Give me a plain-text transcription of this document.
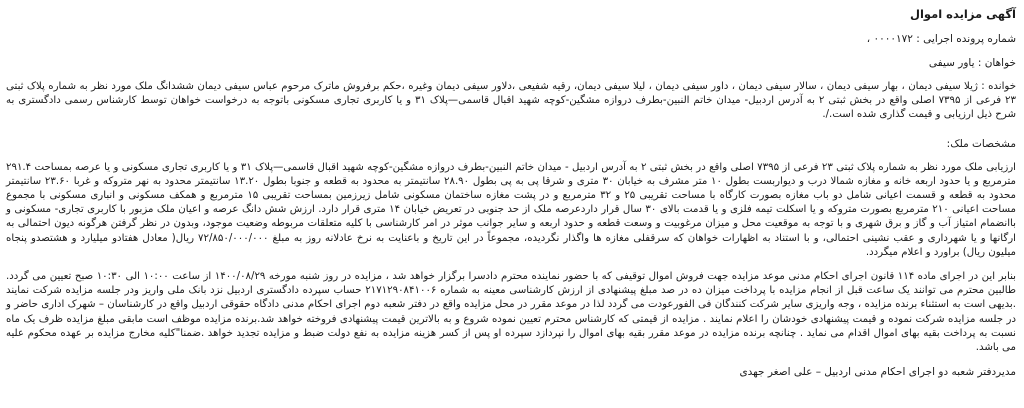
آگهی مزایده اموال
شماره پرونده اجرایی : ۰۰۰۰۱۷۲ ،
خواهان : یاور سیفی
خوانده : ژیلا سیفی دیمان ، بهار سیفی دیمان ، سالار سیفی دیمان ، داور سیفی دیمان ، لیلا سیفی دیمان، رقیه شفیعی ،دلاور سیفی دیمان وغیره ،حکم برفروش ماترک مرحوم عباس سیفی دیمان ششدانگ ملک مورد نظر به شماره پلاک ثبتی ۲۳ فرعی از ۷۳۹۵ اصلی واقع در بخش ثبتی ۲ به آدرس اردبیل- میدان خاتم النبین-بطرف دروازه مشگین-کوچه شهید اقبال قاسمی—پلاک ۳۱ و یا کاربری تجاری مسکونی باتوجه به درخواست خواهان توسط کارشناس رسمی دادگستری به شرح ذیل ارزیابی و قیمت گذاری شده است./.
مشخصات ملک:
ارزیابی ملک مورد نظر به شماره پلاک ثبتی ۲۳ فرعی از ۷۳۹۵ اصلی واقع در بخش ثبتی ۲ به آدرس اردبیل - میدان خاتم النبین-بطرف دروازه مشگین-کوچه شهید اقبال قاسمی—پلاک ۳۱ و یا کاربری تجاری مسکونی و یا عرصه بمساحت ۲۹۱.۴ مترمربع و یا حدود اربعه خانه و مغازه شمالا درب و دیواربست بطول ۱۰ متر مشرف به خیابان ۳۰ متری و شرقا پی به پی بطول ۲۸.۹۰ سانتیمتر به محدود به قطعه و جنوبا بطول ۱۳.۲۰ سانتیمتر محدود به نهر متروکه و غربا ۲۳.۶۰ سانتیمتر محدود به قطعه و قسمت اعیانی شامل دو باب مغازه بصورت کارگاه با مساحت تقریبی ۲۵ و ۳۲ مترمربع و در پشت مغازه ساختمان مسکونی شامل زیرزمین بمساحت تقریبی ۱۵ مترمربع و همکف مسکونی و انباری مسکونی با مجموع مساحت اعیانی ۲۱۰ مترمربع بصورت متروکه و یا اسکلت تیمه فلزی و یا قدمت بالای ۳۰ سال قرار داردعرصه ملک از حد جنوبی در تعریض خیابان ۱۴ متری قرار دارد. ارزش شش دانگ عرصه و اعیان ملک مزبور با کاربری تجاری- مسکونی و باانضمام امتیاز آب و گاز و برق شهری و با توجه به موقعیت محل و میزان مرغوبیت و وسعت قطعه و حدود اربعه و سایر جوانب موثر در امر کارشناسی با کلیه متعلقات مربوطه وضعیت موجود، وبدون در نظر گرفتن هرگونه دیون احتمالی به ارگانها و یا شهرداری و عقب نشینی احتمالی، و با استناد به اظهارات خواهان که سرقفلی مغازه ها واگذار نگردیده، مجموعاً در این تاریخ و باعنایت به نرخ عادلانه روز به مبلغ ۷۲/۸۵۰/۰۰۰/۰۰۰ ریال( معادل هفتادو میلیارد و هشتصدو پنجاه میلیون ریال) براورد و اعلام میگردد.
بنابر این در اجرای ماده ۱۱۴ قانون اجرای احکام مدنی موعد مزایده جهت فروش اموال توقیفی که با حضور نماینده محترم دادسرا برگزار خواهد شد ، مزایده در روز شنبه مورخه ۱۴۰۰/۰۸/۲۹ از ساعت ۱۰:۰۰ الی ۱۰:۳۰ صبح تعیین می گردد. طالبین محترم می توانند یک ساعت قبل از انجام مزایده با پرداخت میزان ده در صد مبلغ پیشنهادی از ارزش کارشناسی معینه به شماره ۲۱۷۱۲۹۰۸۴۱۰۰۶ حساب سپرده دادگستری اردبیل نزد بانک ملی واریز ودر جلسه مزایده شرکت نمایند .بدیهی است به استثناء برنده مزایده ، وجه واریزی سایر شرکت کنندگان فی الفورعودت می گردد لذا در موعد مقرر در محل مزایده واقع در دفتر شعبه دوم اجرای احکام مدنی دادگاه حقوقی اردبیل واقع در کارشناسان – شهرک اداری حاضر و در جلسه مزایده شرکت نموده و قیمت پیشنهادی خودشان را اعلام نمایند . مزایده از قیمتی که کارشناس محترم تعیین نموده شروع و به بالاترین قیمت پیشنهادی فروخته خواهد شد.برنده مزایده موظف است مابقی مبلغ مزایده ظرف یک ماه نسبت به پرداخت بقیه بهای اموال اقدام می نماید . چنانچه برنده مزایده در موعد مقرر بقیه بهای اموال را نپردازد سپرده او پس از کسر هزینه مزایده به نفع دولت ضبط و مزایده تجدید خواهد .ضمنا"کلیه مخارج مزایده بر عهده محکوم علیه می باشد.
مدیردفتر شعبه دو اجرای احکام مدنی اردبیل – علی اصغر جهدی
